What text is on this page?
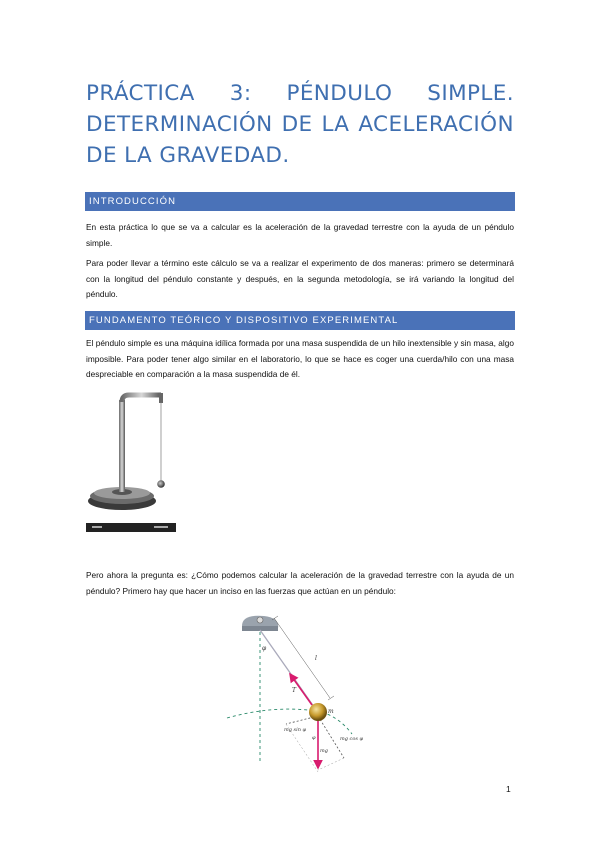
PRÁCTICA 3: PÉNDULO SIMPLE.
DETERMINACIÓN DE LA ACELERACIÓN
DE LA GRAVEDAD.
INTRODUCCIÓN
En esta práctica lo que se va a calcular es la aceleración de la gravedad terrestre con la ayuda de un péndulo simple.
Para poder llevar a término este cálculo se va a realizar el experimento de dos maneras: primero se determinará con la longitud del péndulo constante y después, en la segunda metodología, se irá variando la longitud del péndulo.
FUNDAMENTO TEÓRICO Y DISPOSITIVO EXPERIMENTAL
El péndulo simple es una máquina idílica formada por una masa suspendida de un hilo inextensible y sin masa, algo imposible. Para poder tener algo similar en el laboratorio, lo que se hace es coger una cuerda/hilo con una masa despreciable en comparación a la masa suspendida de él.
Pero ahora la pregunta es: ¿Cómo podemos calcular la aceleración de la gravedad terrestre con la ayuda de un péndulo? Primero hay que hacer un inciso en las fuerzas que actúan en un péndulo:
φ
l
T
m
mg sin φ
mg cos φ
mg
φ
1
